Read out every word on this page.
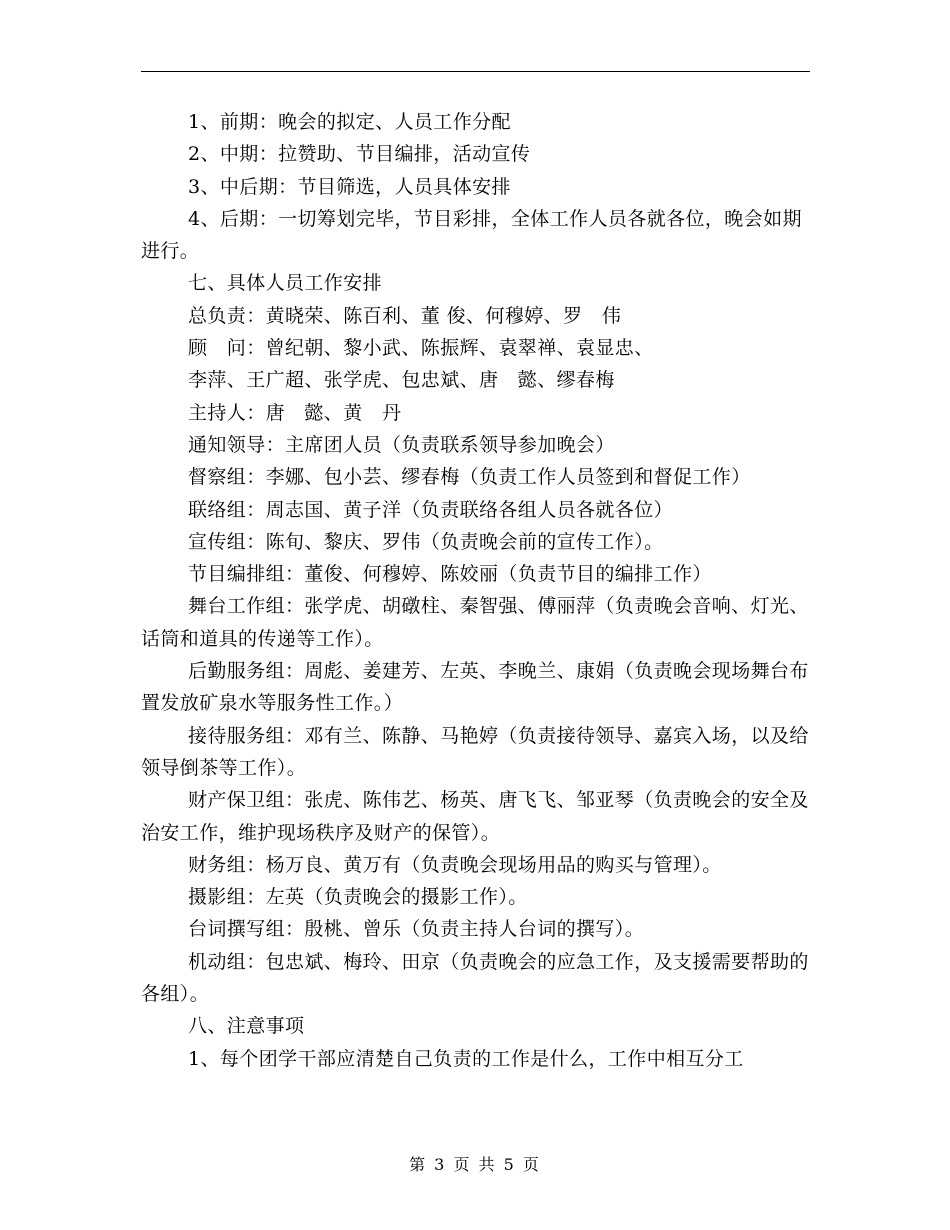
1、前期：晚会的拟定、人员工作分配

2、中期：拉赞助、节目编排，活动宣传

3、中后期：节目筛选，人员具体安排

4、后期：一切筹划完毕，节目彩排，全体工作人员各就各位，晚会如期进行。

七、具体人员工作安排

总负责：黄晓荣、陈百利、董 俊、何穆婷、罗　伟

顾　问：曾纪朝、黎小武、陈振辉、袁翠禅、袁显忠、

李萍、王广超、张学虎、包忠斌、唐　懿、缪春梅

主持人：唐　懿、黄　丹

通知领导：主席团人员（负责联系领导参加晚会）

督察组：李娜、包小芸、缪春梅（负责工作人员签到和督促工作）

联络组：周志国、黄子洋（负责联络各组人员各就各位）

宣传组：陈旬、黎庆、罗伟（负责晚会前的宣传工作）。

节目编排组：董俊、何穆婷、陈姣丽（负责节目的编排工作）

舞台工作组：张学虎、胡礅柱、秦智强、傅丽萍（负责晚会音响、灯光、话筒和道具的传递等工作）。

后勤服务组：周彪、姜建芳、左英、李晚兰、康娟（负责晚会现场舞台布置发放矿泉水等服务性工作。）

接待服务组：邓有兰、陈静、马艳婷（负责接待领导、嘉宾入场，以及给领导倒茶等工作）。

财产保卫组：张虎、陈伟艺、杨英、唐飞飞、邹亚琴（负责晚会的安全及治安工作，维护现场秩序及财产的保管）。

财务组：杨万良、黄万有（负责晚会现场用品的购买与管理）。

摄影组：左英（负责晚会的摄影工作）。

台词撰写组：殷桃、曾乐（负责主持人台词的撰写）。

机动组：包忠斌、梅玲、田京（负责晚会的应急工作，及支援需要帮助的各组）。

八、注意事项

1、每个团学干部应清楚自己负责的工作是什么，工作中相互分工

第 3 页 共 5 页
